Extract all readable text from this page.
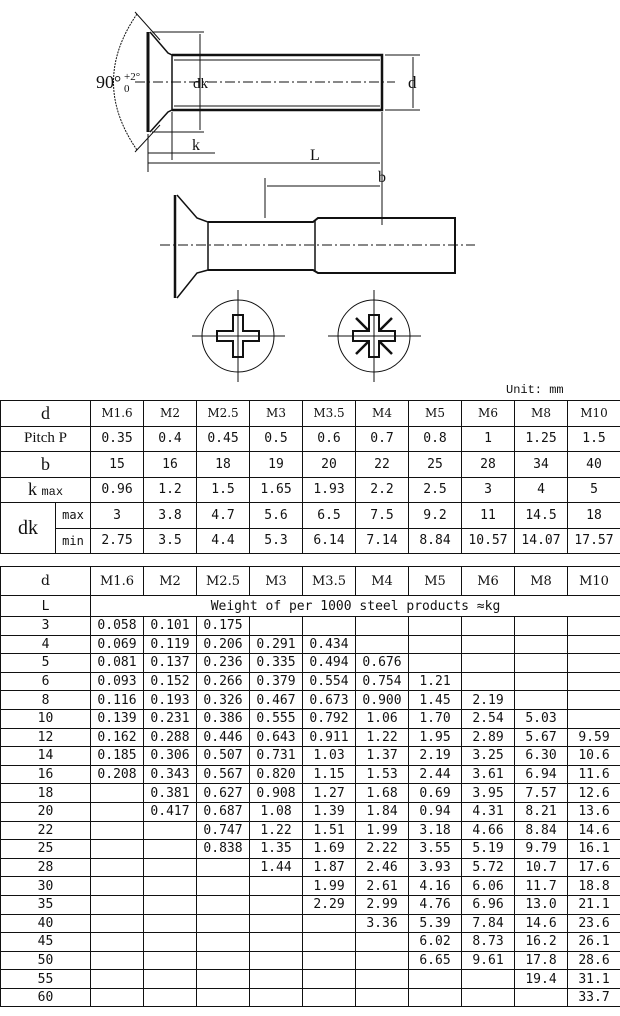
90° +2°
0	dk	d
k
L
b
Unit: mm
d		M1.6	M2	M2.5	M3	M3.5	M4	M5	M6	M8	M10
Pitch P		0.35	0.4	0.45	0.5	0.6	0.7	0.8	1	1.25	1.5
b		15	16	18	19	20	22	25	28	34	40
k max		0.96	1.2	1.5	1.65	1.93	2.2	2.5	3	4	5
dk	max	3	3.8	4.7	5.6	6.5	7.5	9.2	11	14.5	18
	min	2.75	3.5	4.4	5.3	6.14	7.14	8.84	10.57	14.07	17.57
d	M1.6	M2	M2.5	M3	M3.5	M4	M5	M6	M8	M10
L	Weight of per 1000 steel products ≈kg									
3	0.058	0.101	0.175							
4	0.069	0.119	0.206	0.291	0.434					
5	0.081	0.137	0.236	0.335	0.494	0.676				
6	0.093	0.152	0.266	0.379	0.554	0.754	1.21			
8	0.116	0.193	0.326	0.467	0.673	0.900	1.45	2.19		
10	0.139	0.231	0.386	0.555	0.792	1.06	1.70	2.54	5.03	
12	0.162	0.288	0.446	0.643	0.911	1.22	1.95	2.89	5.67	9.59
14	0.185	0.306	0.507	0.731	1.03	1.37	2.19	3.25	6.30	10.6
16	0.208	0.343	0.567	0.820	1.15	1.53	2.44	3.61	6.94	11.6
18		0.381	0.627	0.908	1.27	1.68	0.69	3.95	7.57	12.6
20		0.417	0.687	1.08	1.39	1.84	0.94	4.31	8.21	13.6
22			0.747	1.22	1.51	1.99	3.18	4.66	8.84	14.6
25			0.838	1.35	1.69	2.22	3.55	5.19	9.79	16.1
28				1.44	1.87	2.46	3.93	5.72	10.7	17.6
30					1.99	2.61	4.16	6.06	11.7	18.8
35					2.29	2.99	4.76	6.96	13.0	21.1
40						3.36	5.39	7.84	14.6	23.6
45							6.02	8.73	16.2	26.1
50							6.65	9.61	17.8	28.6
55									19.4	31.1
60										33.7
